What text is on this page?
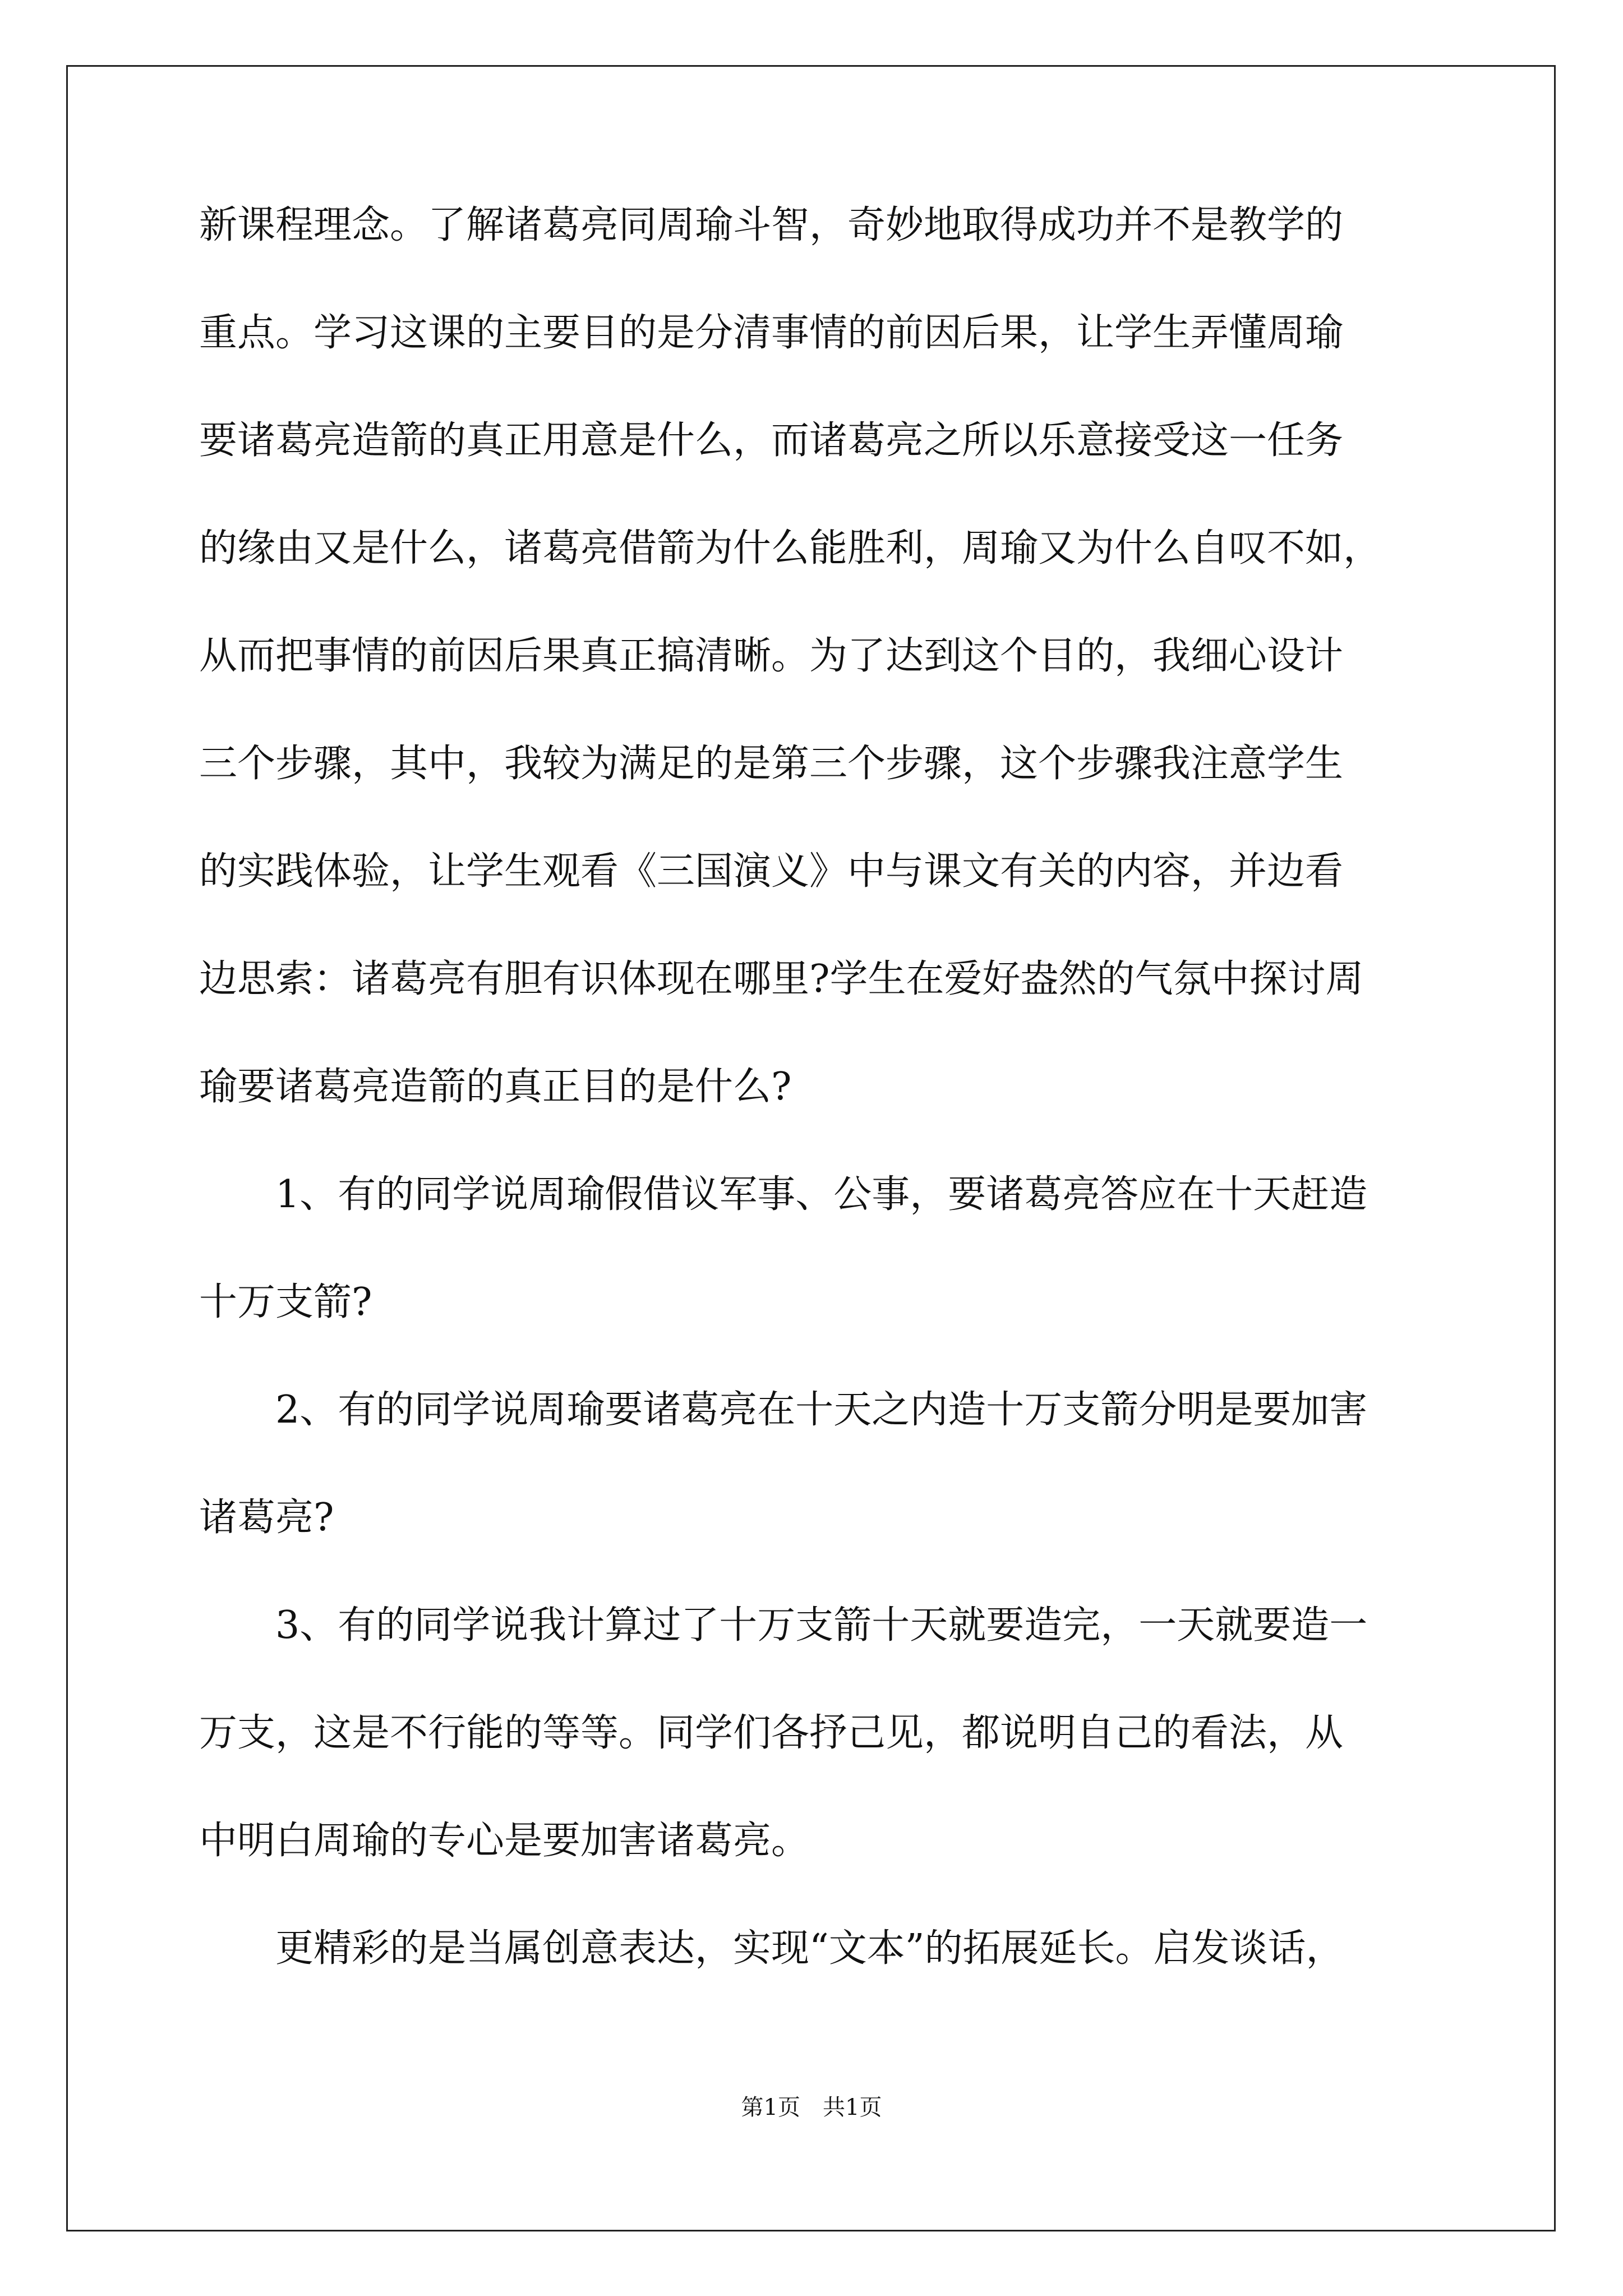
新课程理念。了解诸葛亮同周瑜斗智，奇妙地取得成功并不是教学的
重点。学习这课的主要目的是分清事情的前因后果，让学生弄懂周瑜
要诸葛亮造箭的真正用意是什么，而诸葛亮之所以乐意接受这一任务
的缘由又是什么，诸葛亮借箭为什么能胜利，周瑜又为什么自叹不如，
从而把事情的前因后果真正搞清晰。为了达到这个目的，我细心设计
三个步骤，其中，我较为满足的是第三个步骤，这个步骤我注意学生
的实践体验，让学生观看《三国演义》中与课文有关的内容，并边看
边思索：诸葛亮有胆有识体现在哪里?学生在爱好盎然的气氛中探讨周
瑜要诸葛亮造箭的真正目的是什么?
1、有的同学说周瑜假借议军事、公事，要诸葛亮答应在十天赶造
十万支箭?
2、有的同学说周瑜要诸葛亮在十天之内造十万支箭分明是要加害
诸葛亮?
3、有的同学说我计算过了十万支箭十天就要造完，一天就要造一
万支，这是不行能的等等。同学们各抒己见，都说明自己的看法，从
中明白周瑜的专心是要加害诸葛亮。
更精彩的是当属创意表达，实现“文本”的拓展延长。启发谈话，
第1页 共1页
